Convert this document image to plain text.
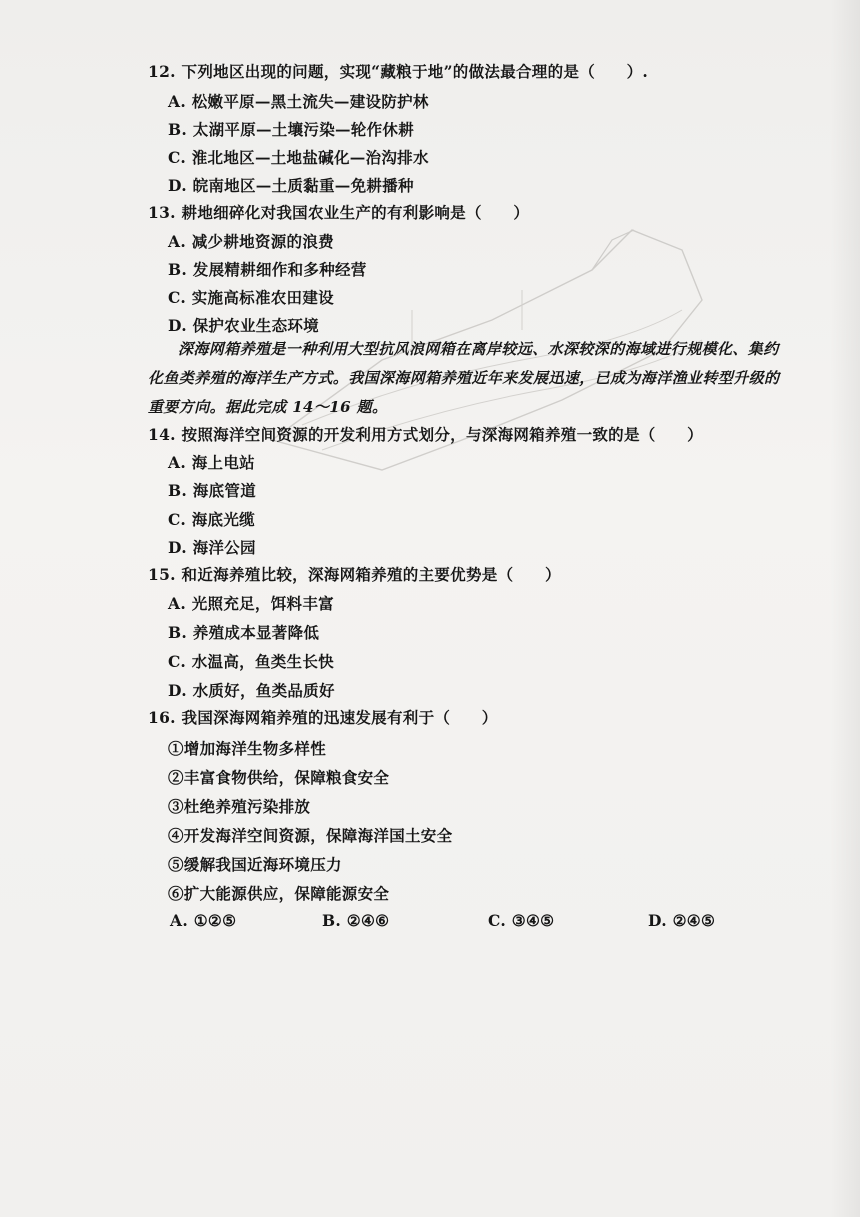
12. 下列地区出现的问题，实现“藏粮于地”的做法最合理的是（　　）.
A. 松嫩平原—黑土流失—建设防护林
B. 太湖平原—土壤污染—轮作休耕
C. 淮北地区—土地盐碱化—治沟排水
D. 皖南地区—土质黏重—免耕播种
13. 耕地细碎化对我国农业生产的有利影响是（　　）
A. 减少耕地资源的浪费
B. 发展精耕细作和多种经营
C. 实施高标准农田建设
D. 保护农业生态环境

深海网箱养殖是一种利用大型抗风浪网箱在离岸较远、水深较深的海域进行规模化、集约

化鱼类养殖的海洋生产方式。我国深海网箱养殖近年来发展迅速，已成为海洋渔业转型升级的

重要方向。据此完成 14～16 题。

14. 按照海洋空间资源的开发利用方式划分，与深海网箱养殖一致的是（　　）
A. 海上电站
B. 海底管道
C. 海底光缆
D. 海洋公园
15. 和近海养殖比较，深海网箱养殖的主要优势是（　　）
A. 光照充足，饵料丰富
B. 养殖成本显著降低
C. 水温高，鱼类生长快
D. 水质好，鱼类品质好
16. 我国深海网箱养殖的迅速发展有利于（　　）
①增加海洋生物多样性
②丰富食物供给，保障粮食安全
③杜绝养殖污染排放
④开发海洋空间资源，保障海洋国土安全
⑤缓解我国近海环境压力
⑥扩大能源供应，保障能源安全
A. ①②⑤	B. ②④⑥	C. ③④⑤	D. ②④⑤
